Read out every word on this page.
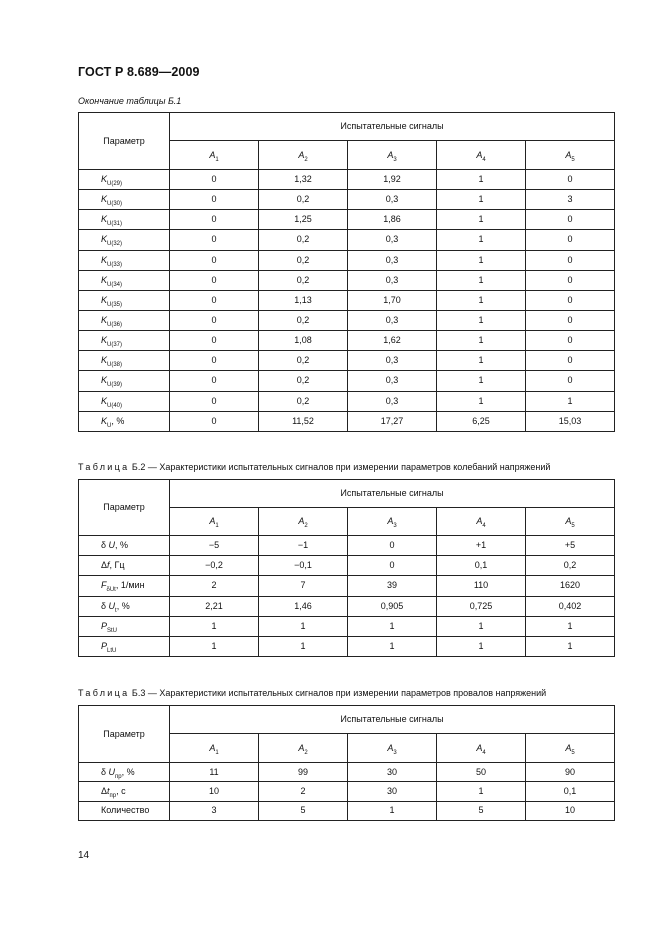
ГОСТ Р 8.689—2009
Окончание таблицы Б.1
Параметр	Испытательные сигналы				
	$A_1$	$A_2$	$A_3$	$A_4$	$A_5$
$K_{U(29)}$	0	1,32	1,92	1	0
$K_{U(30)}$	0	0,2	0,3	1	3
$K_{U(31)}$	0	1,25	1,86	1	0
$K_{U(32)}$	0	0,2	0,3	1	0
$K_{U(33)}$	0	0,2	0,3	1	0
$K_{U(34)}$	0	0,2	0,3	1	0
$K_{U(35)}$	0	1,13	1,70	1	0
$K_{U(36)}$	0	0,2	0,3	1	0
$K_{U(37)}$	0	1,08	1,62	1	0
$K_{U(38)}$	0	0,2	0,3	1	0
$K_{U(39)}$	0	0,2	0,3	1	0
$K_{U(40)}$	0	0,2	0,3	1	1
$K_U$, %	0	11,52	17,27	6,25	15,03
Таблица Б.2 — Характеристики испытательных сигналов при измерении параметров колебаний напряжений
Параметр	Испытательные сигналы				
	$A_1$	$A_2$	$A_3$	$A_4$	$A_5$
δ U, %	−5	−1	0	+1	+5
Δf, Гц	−0,2	−0,1	0	0,1	0,2
$F_{\delta Ut}$, 1/мин	2	7	39	110	1620
δ $U_t$, %	2,21	1,46	0,905	0,725	0,402
$P_{StU}$	1	1	1	1	1
$P_{LtU}$	1	1	1	1	1
Таблица Б.3 — Характеристики испытательных сигналов при измерении параметров провалов напряжений
Параметр	Испытательные сигналы				
	$A_1$	$A_2$	$A_3$	$A_4$	$A_5$
δ $U_{пр}$, %	11	99	30	50	90
$\Delta t_{пр}$, с	10	2	30	1	0,1
Количество	3	5	1	5	10
14
